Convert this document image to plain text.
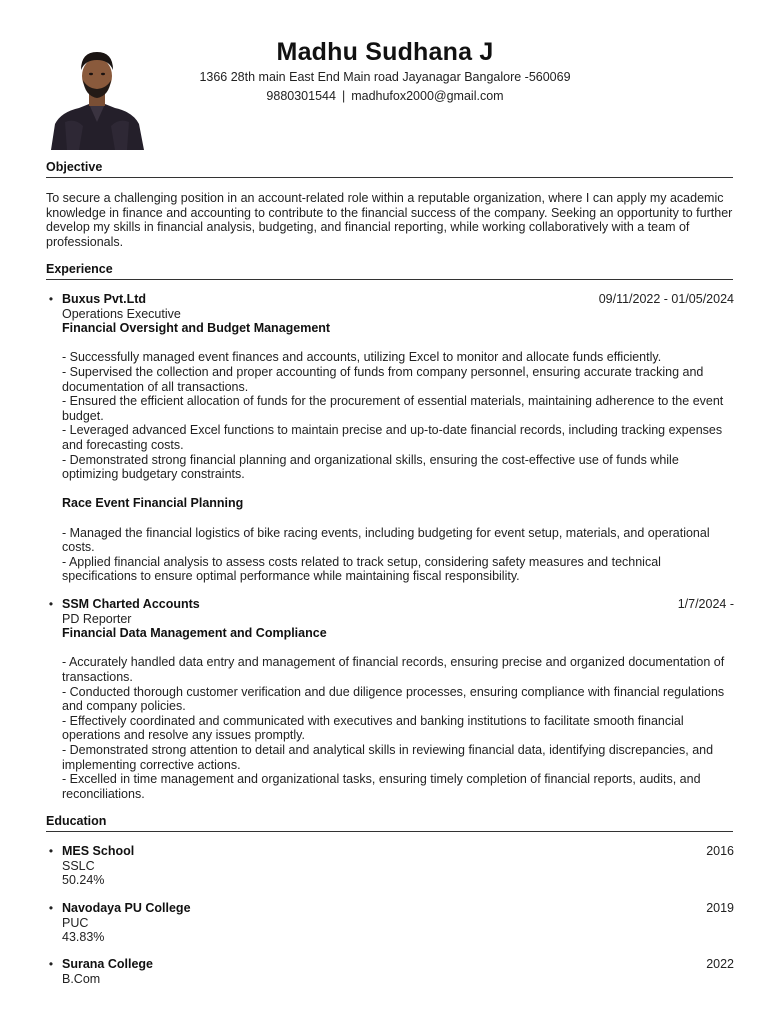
Madhu Sudhana J
1366 28th main East End Main road Jayanagar Bangalore -560069
9880301544 | madhufox2000@gmail.com
Objective
To secure a challenging position in an account-related role within a reputable organization, where I can apply my academic knowledge in finance and accounting to contribute to the financial success of the company. Seeking an opportunity to further develop my skills in financial analysis, budgeting, and financial reporting, while working collaboratively with a team of professionals.
Experience
• Buxus Pvt.Ltd	09/11/2022 - 01/05/2024
Operations Executive
Financial Oversight and Budget Management
- Successfully managed event finances and accounts, utilizing Excel to monitor and allocate funds efficiently.
- Supervised the collection and proper accounting of funds from company personnel, ensuring accurate tracking and documentation of all transactions.
- Ensured the efficient allocation of funds for the procurement of essential materials, maintaining adherence to the event budget.
- Leveraged advanced Excel functions to maintain precise and up-to-date financial records, including tracking expenses and forecasting costs.
- Demonstrated strong financial planning and organizational skills, ensuring the cost-effective use of funds while optimizing budgetary constraints.
Race Event Financial Planning
- Managed the financial logistics of bike racing events, including budgeting for event setup, materials, and operational costs.
- Applied financial analysis to assess costs related to track setup, considering safety measures and technical specifications to ensure optimal performance while maintaining fiscal responsibility.
• SSM Charted Accounts	1/7/2024 -
PD Reporter
Financial Data Management and Compliance
- Accurately handled data entry and management of financial records, ensuring precise and organized documentation of transactions.
- Conducted thorough customer verification and due diligence processes, ensuring compliance with financial regulations and company policies.
- Effectively coordinated and communicated with executives and banking institutions to facilitate smooth financial operations and resolve any issues promptly.
- Demonstrated strong attention to detail and analytical skills in reviewing financial data, identifying discrepancies, and implementing corrective actions.
- Excelled in time management and organizational tasks, ensuring timely completion of financial reports, audits, and reconciliations.
Education
• MES School	2016
SSLC
50.24%
• Navodaya PU College	2019
PUC
43.83%
• Surana College	2022
B.Com
